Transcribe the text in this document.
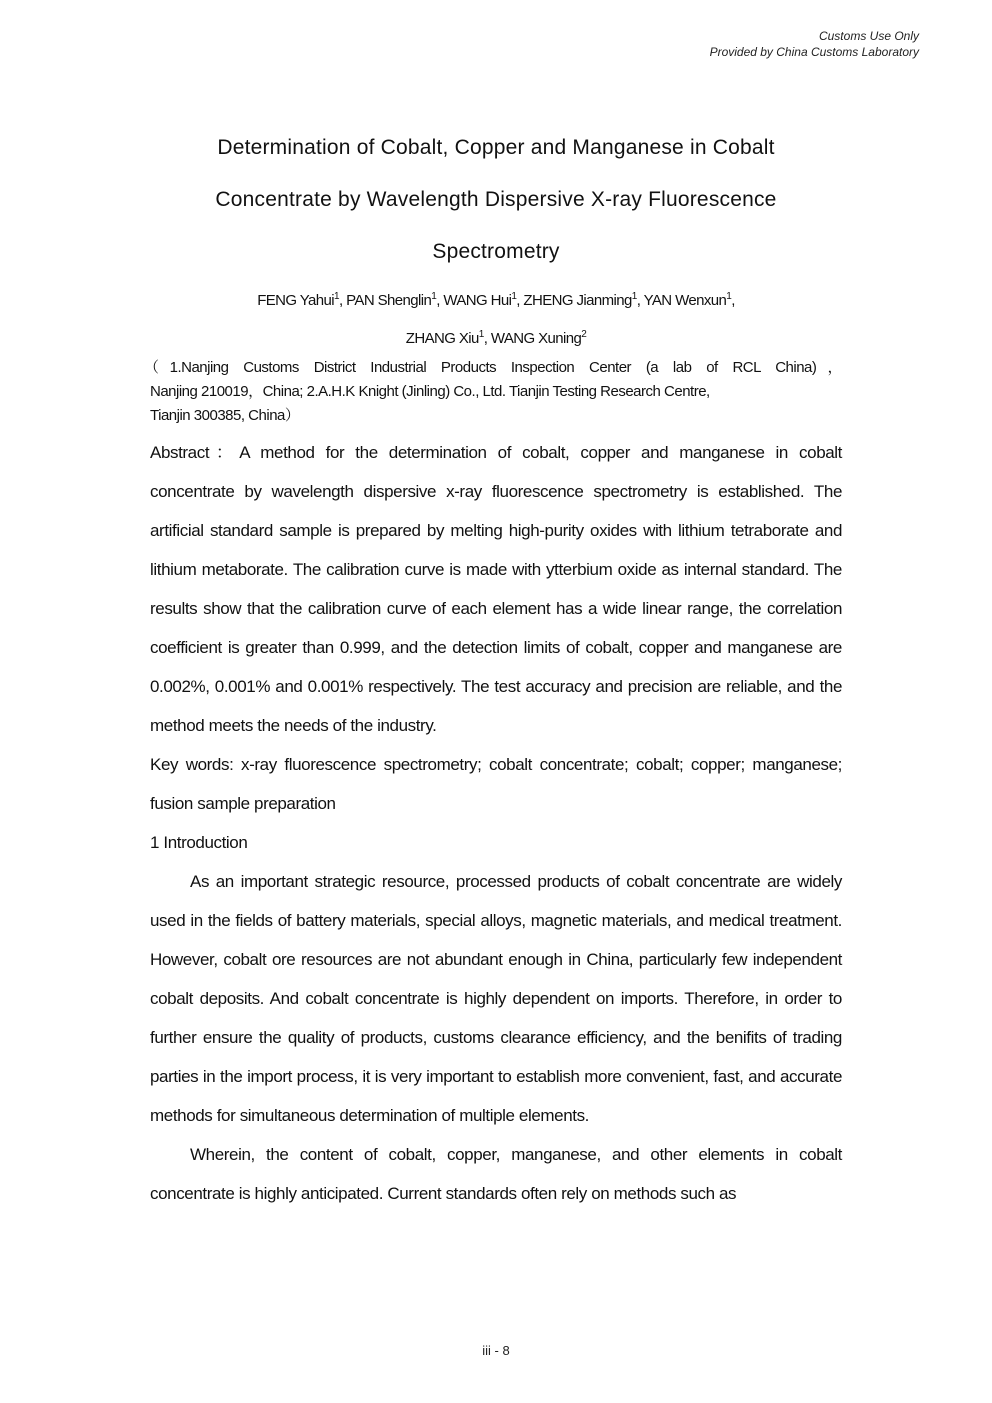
Customs Use Only
Provided by China Customs Laboratory
Determination of Cobalt, Copper and Manganese in Cobalt
Concentrate by Wavelength Dispersive X-ray Fluorescence
Spectrometry
FENG Yahui$^1$, PAN Shenglin$^1$, WANG Hui$^1$, ZHENG Jianming$^1$, YAN Wenxun$^1$,
ZHANG Xiu$^1$, WANG Xuning$^2$
（1.Nanjing Customs District Industrial Products Inspection Center (a lab of RCL China)，
Nanjing 210019，China; 2.A.H.K Knight (Jinling) Co., Ltd. Tianjin Testing Research Centre,
Tianjin 300385, China）

Abstract：A method for the determination of cobalt, copper and manganese in cobalt concentrate by wavelength dispersive x-ray fluorescence spectrometry is established. The artificial standard sample is prepared by melting high-purity oxides with lithium tetraborate and lithium metaborate. The calibration curve is made with ytterbium oxide as internal standard. The results show that the calibration curve of each element has a wide linear range, the correlation coefficient is greater than 0.999, and the detection limits of cobalt, copper and manganese are 0.002%, 0.001% and 0.001% respectively. The test accuracy and precision are reliable, and the method meets the needs of the industry.

Key words: x-ray fluorescence spectrometry; cobalt concentrate; cobalt; copper; manganese; fusion sample preparation

1 Introduction

As an important strategic resource, processed products of cobalt concentrate are widely used in the fields of battery materials, special alloys, magnetic materials, and medical treatment. However, cobalt ore resources are not abundant enough in China, particularly few independent cobalt deposits. And cobalt concentrate is highly dependent on imports. Therefore, in order to further ensure the quality of products, customs clearance efficiency, and the benifits of trading parties in the import process, it is very important to establish more convenient, fast, and accurate methods for simultaneous determination of multiple elements.

Wherein, the content of cobalt, copper, manganese, and other elements in cobalt concentrate is highly anticipated. Current standards often rely on methods such as

iii - 8
